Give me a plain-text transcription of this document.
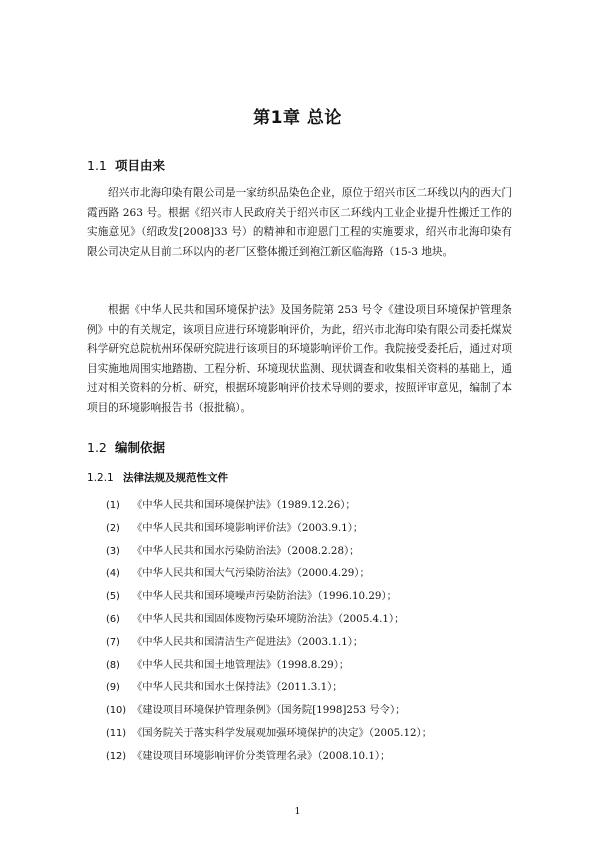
第1章 总论
1.1 项目由来
绍兴市北海印染有限公司是一家纺织品染色企业，原位于绍兴市区二环线以内的西大门霞西路 263 号。根据《绍兴市人民政府关于绍兴市区二环线内工业企业提升性搬迁工作的实施意见》（绍政发[2008]33 号）的精神和市迎恩门工程的实施要求，绍兴市北海印染有限公司决定从目前二环以内的老厂区整体搬迁到袍江新区临海路（15-3 地块。
根据《中华人民共和国环境保护法》及国务院第 253 号令《建设项目环境保护管理条例》中的有关规定，该项目应进行环境影响评价，为此，绍兴市北海印染有限公司委托煤炭科学研究总院杭州环保研究院进行该项目的环境影响评价工作。我院接受委托后，通过对项目实施地周围实地踏勘、工程分析、环境现状监测、现状调查和收集相关资料的基础上，通过对相关资料的分析、研究，根据环境影响评价技术导则的要求，按照评审意见，编制了本项目的环境影响报告书（报批稿）。
1.2 编制依据
1.2.1 法律法规及规范性文件
(1) 《中华人民共和国环境保护法》（1989.12.26）；
(2) 《中华人民共和国环境影响评价法》（2003.9.1）；
(3) 《中华人民共和国水污染防治法》（2008.2.28）；
(4) 《中华人民共和国大气污染防治法》（2000.4.29）；
(5) 《中华人民共和国环境噪声污染防治法》（1996.10.29）；
(6) 《中华人民共和国固体废物污染环境防治法》（2005.4.1）；
(7) 《中华人民共和国清洁生产促进法》（2003.1.1）；
(8) 《中华人民共和国土地管理法》（1998.8.29）；
(9) 《中华人民共和国水土保持法》（2011.3.1）；
(10) 《建设项目环境保护管理条例》（国务院[1998]253 号令）；
(11) 《国务院关于落实科学发展观加强环境保护的决定》（2005.12）；
(12) 《建设项目环境影响评价分类管理名录》（2008.10.1）；
1
